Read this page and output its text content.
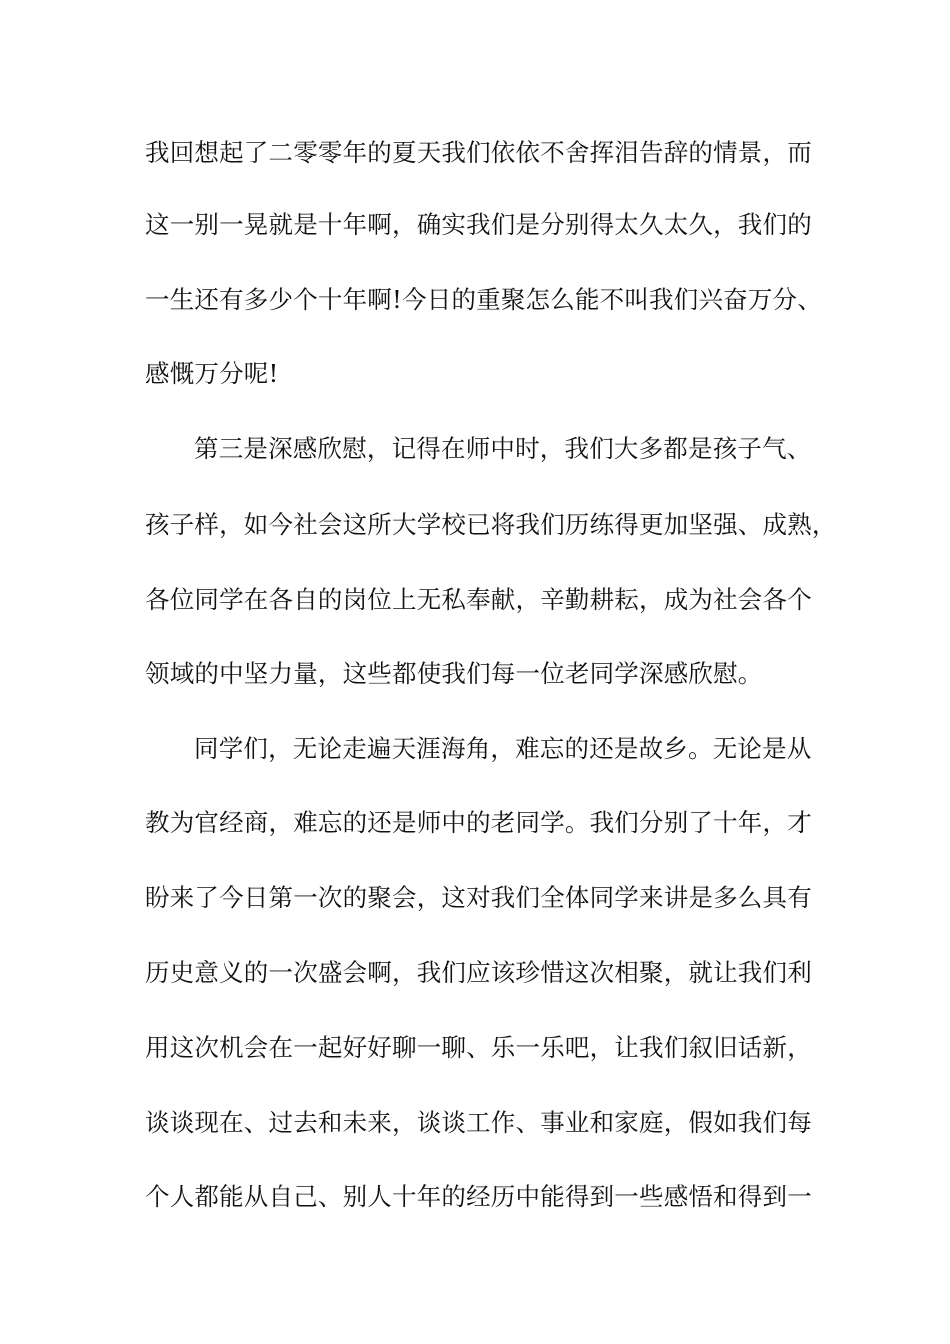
我回想起了二零零年的夏天我们依依不舍挥泪告辞的情景，而
这一别一晃就是十年啊，确实我们是分别得太久太久，我们的
一生还有多少个十年啊!今日的重聚怎么能不叫我们兴奋万分、
感慨万分呢!
第三是深感欣慰，记得在师中时，我们大多都是孩子气、
孩子样，如今社会这所大学校已将我们历练得更加坚强、成熟，
各位同学在各自的岗位上无私奉献，辛勤耕耘，成为社会各个
领域的中坚力量，这些都使我们每一位老同学深感欣慰。
同学们，无论走遍天涯海角，难忘的还是故乡。无论是从
教为官经商，难忘的还是师中的老同学。我们分别了十年，才
盼来了今日第一次的聚会，这对我们全体同学来讲是多么具有
历史意义的一次盛会啊，我们应该珍惜这次相聚，就让我们利
用这次机会在一起好好聊一聊、乐一乐吧，让我们叙旧话新，
谈谈现在、过去和未来，谈谈工作、事业和家庭，假如我们每
个人都能从自己、别人十年的经历中能得到一些感悟和得到一
